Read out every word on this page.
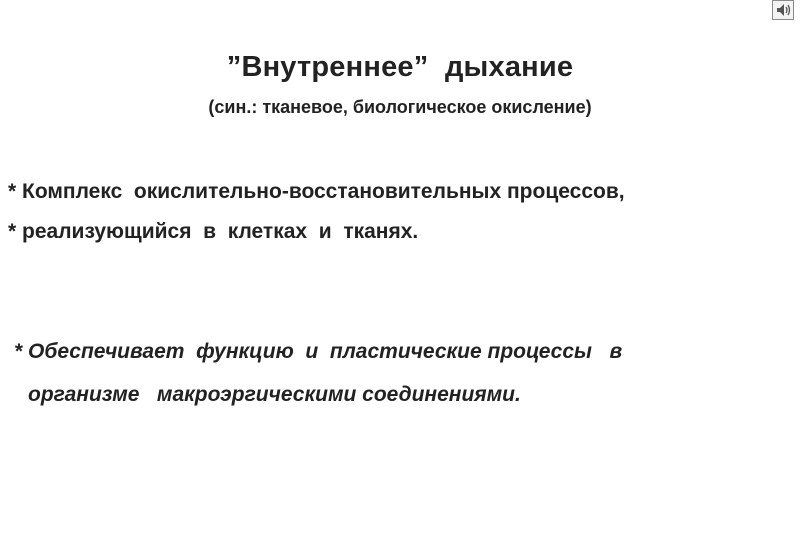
”Внутреннее”  дыхание

(син.: тканевое, биологическое окисление)

* Комплекс  окислительно-восстановительных процессов,

* реализующийся  в  клетках  и  тканях.

* Обеспечивает  функцию  и  пластические процессы   в

организме   макроэргическими соединениями.
